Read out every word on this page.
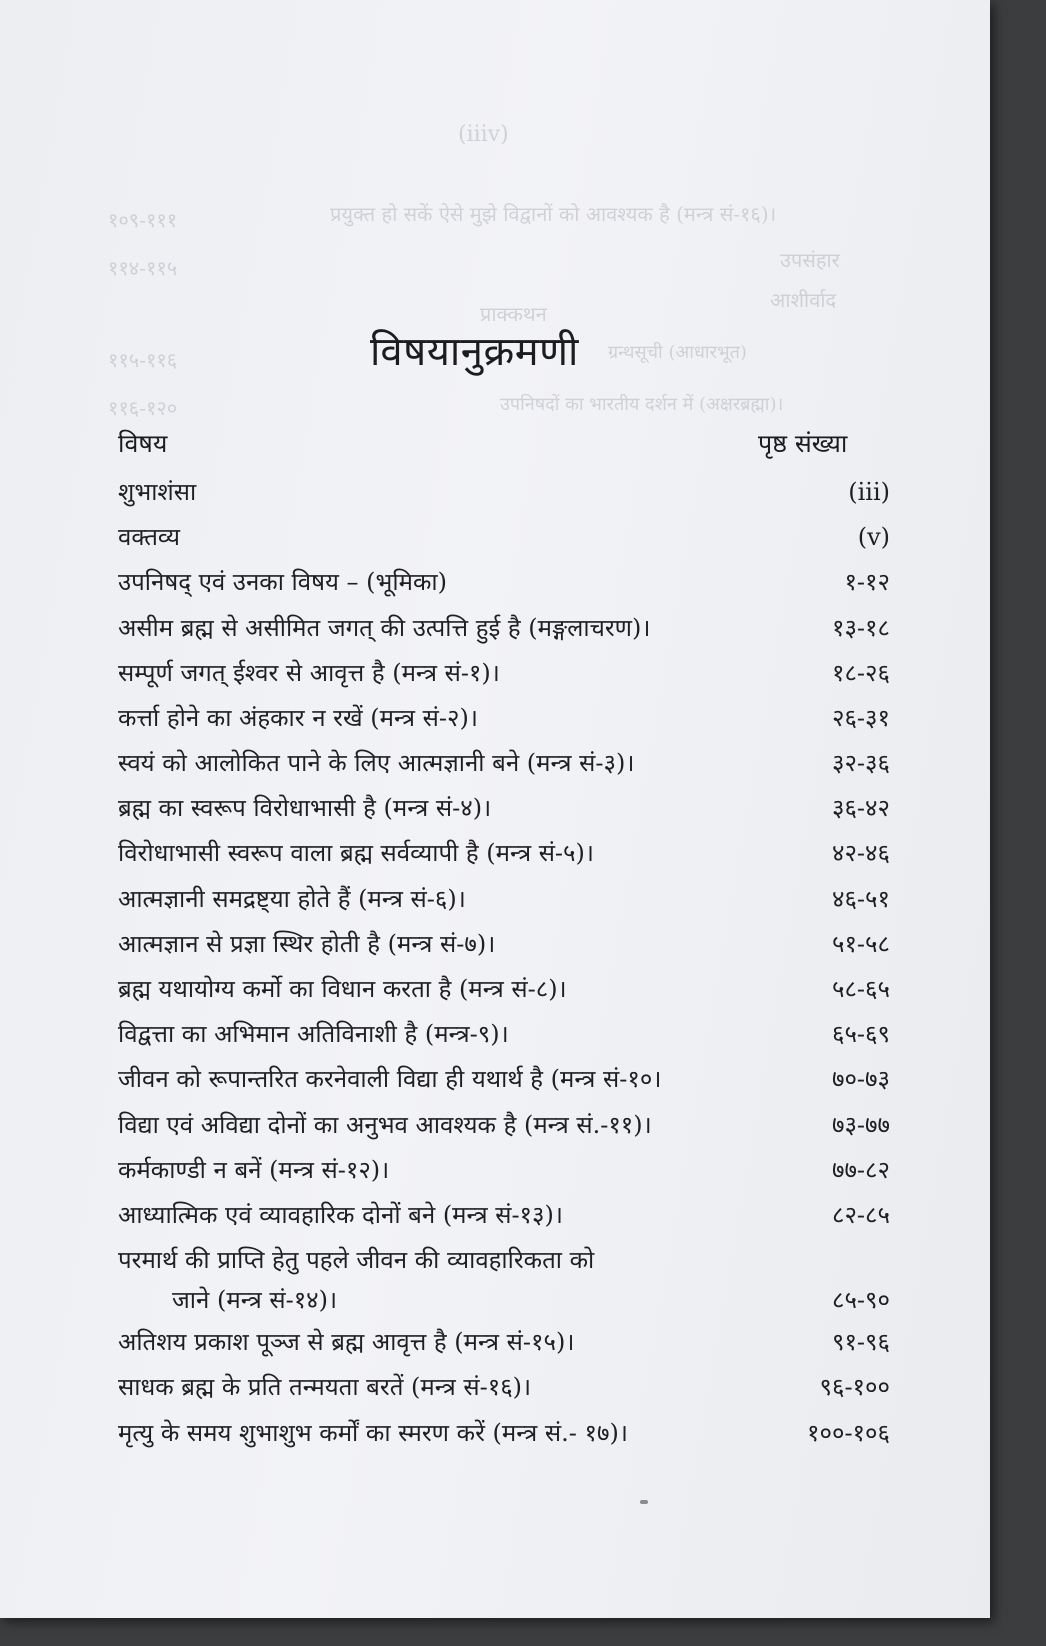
(iiiv)
प्रयुक्त हो सकें ऐसे मुझे विद्वानों को आवश्यक है (मन्त्र सं-१६)।
उपसंहार
आशीर्वाद
प्राक्कथन
उपनिषदों का भारतीय दर्शन में (अक्षरब्रह्मा)।
ग्रन्थसूची (आधारभूत)
१०९-१११
११४-११५
११५-११६
११६-१२०
विषयानुक्रमणी
विषय	पृष्ठ संख्या
शुभाशंसा	(iii)
वक्तव्य	(v)
उपनिषद् एवं उनका विषय – (भूमिका)	१-१२
असीम ब्रह्म से असीमित जगत् की उत्पत्ति हुई है (मङ्गलाचरण)।	१३-१८
सम्पूर्ण जगत् ईश्वर से आवृत्त है (मन्त्र सं-१)।	१८-२६
कर्त्ता होने का अंहकार न रखें (मन्त्र सं-२)।	२६-३१
स्वयं को आलोकित पाने के लिए आत्मज्ञानी बने (मन्त्र सं-३)।	३२-३६
ब्रह्म का स्वरूप विरोधाभासी है (मन्त्र सं-४)।	३६-४२
विरोधाभासी स्वरूप वाला ब्रह्म सर्वव्यापी है (मन्त्र सं-५)।	४२-४६
आत्मज्ञानी समद्रष्ट्या होते हैं (मन्त्र सं-६)।	४६-५१
आत्मज्ञान से प्रज्ञा स्थिर होती है (मन्त्र सं-७)।	५१-५८
ब्रह्म यथायोग्य कर्मो का विधान करता है (मन्त्र सं-८)।	५८-६५
विद्वत्ता का अभिमान अतिविनाशी है (मन्त्र-९)।	६५-६९
जीवन को रूपान्तरित करनेवाली विद्या ही यथार्थ है (मन्त्र सं-१०।	७०-७३
विद्या एवं अविद्या दोनों का अनुभव आवश्यक है (मन्त्र सं.-११)।	७३-७७
कर्मकाण्डी न बनें (मन्त्र सं-१२)।	७७-८२
आध्यात्मिक एवं व्यावहारिक दोनों बने (मन्त्र सं-१३)।	८२-८५
परमार्थ की प्राप्ति हेतु पहले जीवन की व्यावहारिकता को
जाने (मन्त्र सं-१४)।	८५-९०
अतिशय प्रकाश पूञ्ज से ब्रह्म आवृत्त है (मन्त्र सं-१५)।	९१-९६
साधक ब्रह्म के प्रति तन्मयता बरतें (मन्त्र सं-१६)।	९६-१००
मृत्यु के समय शुभाशुभ कर्मों का स्मरण करें (मन्त्र सं.- १७)।	१००-१०६
